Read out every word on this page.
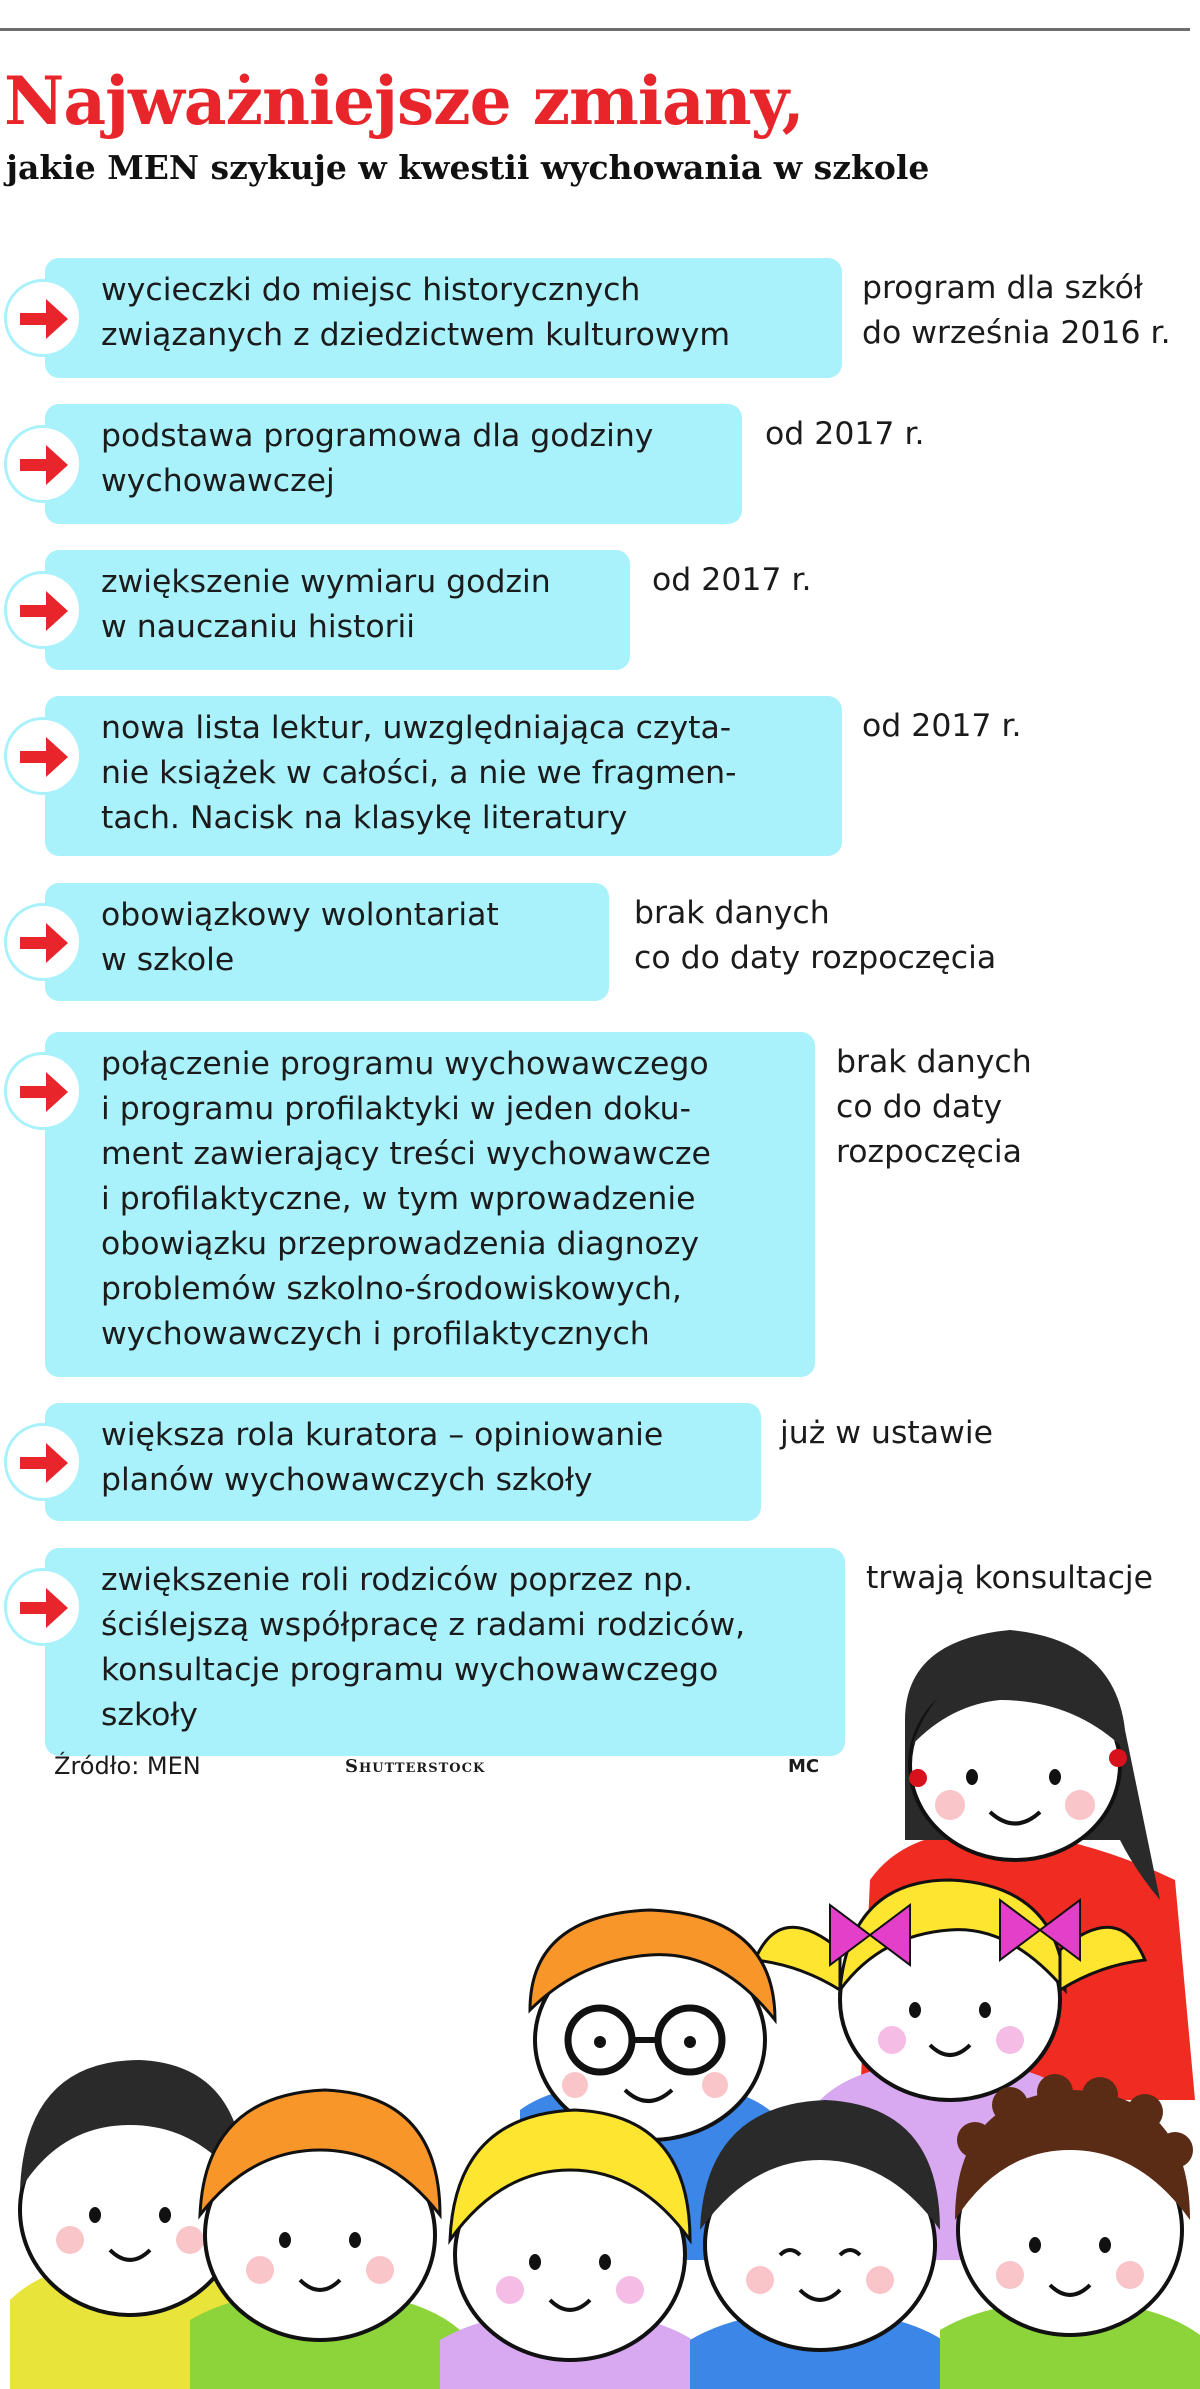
Najważniejsze zmiany,
jakie MEN szykuje w kwestii wychowania w szkole
wycieczki do miejsc historycznych
związanych z dziedzictwem kulturowym
program dla szkół
do września 2016 r.
podstawa programowa dla godziny
wychowawczej
od 2017 r.
zwiększenie wymiaru godzin
w nauczaniu historii
od 2017 r.
nowa lista lektur, uwzględniająca czyta-
nie książek w całości, a nie we fragmen-
tach. Nacisk na klasykę literatury
od 2017 r.
obowiązkowy wolontariat
w szkole
brak danych
co do daty rozpoczęcia
połączenie programu wychowawczego
i programu profilaktyki w jeden doku-
ment zawierający treści wychowawcze
i profilaktyczne, w tym wprowadzenie
obowiązku przeprowadzenia diagnozy
problemów szkolno-środowiskowych,
wychowawczych i profilaktycznych
brak danych
co do daty
rozpoczęcia
większa rola kuratora – opiniowanie
planów wychowawczych szkoły
już w ustawie
zwiększenie roli rodziców poprzez np.
ściślejszą współpracę z radami rodziców,
konsultacje programu wychowawczego
szkoły
trwają konsultacje
Źródło: MEN	Shutterstock	MC
